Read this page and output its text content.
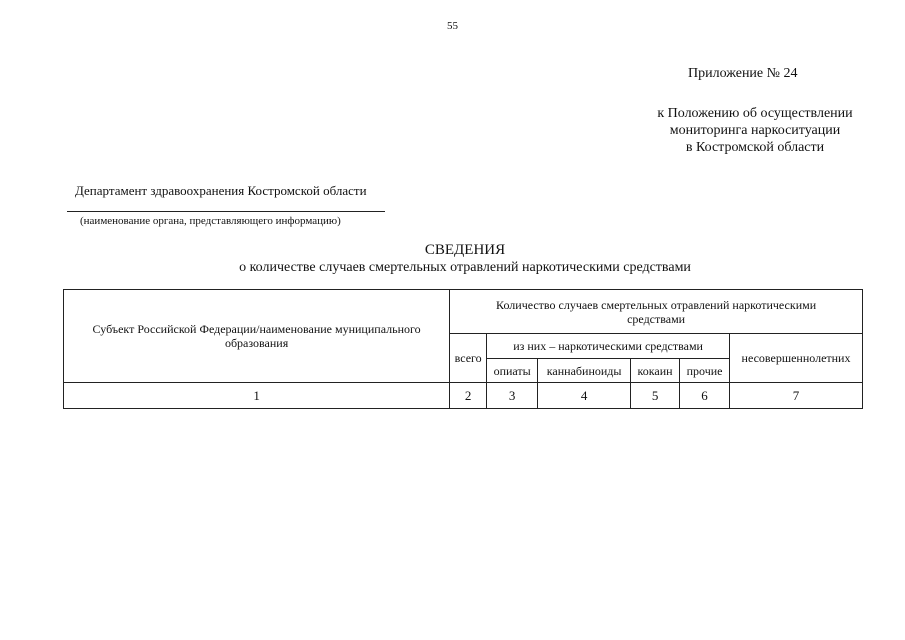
55
Приложение № 24
к Положению об осуществлении
мониторинга наркоситуации
в Костромской области
Департамент здравоохранения Костромской области
(наименование органа, представляющего информацию)
СВЕДЕНИЯ
о количестве случаев смертельных отравлений наркотическими средствами
Субъект Российской Федерации/наименование муниципального образования	Количество случаев смертельных отравлений наркотическими средствами					
	всего	из них – наркотическими средствами				несовершеннолетних
		опиаты	каннабиноиды	кокаин	прочие	
1	2	3	4	5	6	7
